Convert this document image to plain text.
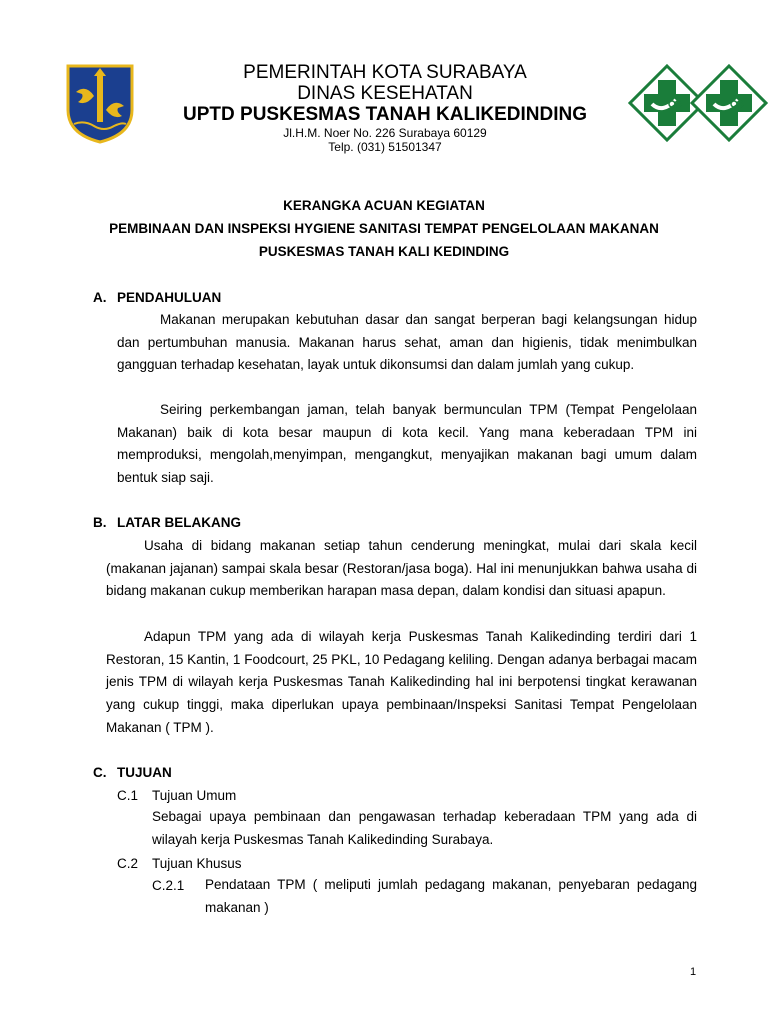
PEMERINTAH KOTA SURABAYA
DINAS KESEHATAN
UPTD PUSKESMAS TANAH KALIKEDINDING
Jl.H.M. Noer No. 226 Surabaya 60129
Telp. (031) 51501347
KERANGKA ACUAN KEGIATAN
PEMBINAAN DAN INSPEKSI HYGIENE SANITASI TEMPAT PENGELOLAAN MAKANAN
PUSKESMAS TANAH KALI KEDINDING
A. PENDAHULUAN
Makanan merupakan kebutuhan dasar dan sangat berperan bagi kelangsungan hidup dan pertumbuhan manusia. Makanan harus sehat, aman dan higienis, tidak menimbulkan gangguan terhadap kesehatan, layak untuk dikonsumsi dan dalam jumlah yang cukup.
Seiring perkembangan jaman, telah banyak bermunculan TPM (Tempat Pengelolaan Makanan) baik di kota besar maupun di kota kecil. Yang mana keberadaan TPM ini memproduksi, mengolah,menyimpan, mengangkut, menyajikan makanan bagi umum dalam bentuk siap saji.
B. LATAR BELAKANG
Usaha di bidang makanan setiap tahun cenderung meningkat, mulai dari skala kecil (makanan jajanan) sampai skala besar (Restoran/jasa boga). Hal ini menunjukkan bahwa usaha di bidang makanan cukup memberikan harapan masa depan, dalam kondisi dan situasi apapun.
Adapun TPM yang ada di wilayah kerja Puskesmas Tanah Kalikedinding terdiri dari 1 Restoran, 15 Kantin, 1 Foodcourt, 25 PKL, 10 Pedagang keliling. Dengan adanya berbagai macam jenis TPM di wilayah kerja Puskesmas Tanah Kalikedinding hal ini berpotensi tingkat kerawanan yang cukup tinggi, maka diperlukan upaya pembinaan/Inspeksi Sanitasi Tempat Pengelolaan Makanan ( TPM ).
C. TUJUAN
C.1 Tujuan Umum
Sebagai upaya pembinaan dan pengawasan terhadap keberadaan TPM yang ada di wilayah kerja Puskesmas Tanah Kalikedinding Surabaya.
C.2 Tujuan Khusus
C.2.1 Pendataan TPM ( meliputi jumlah pedagang makanan, penyebaran pedagang makanan )
1
